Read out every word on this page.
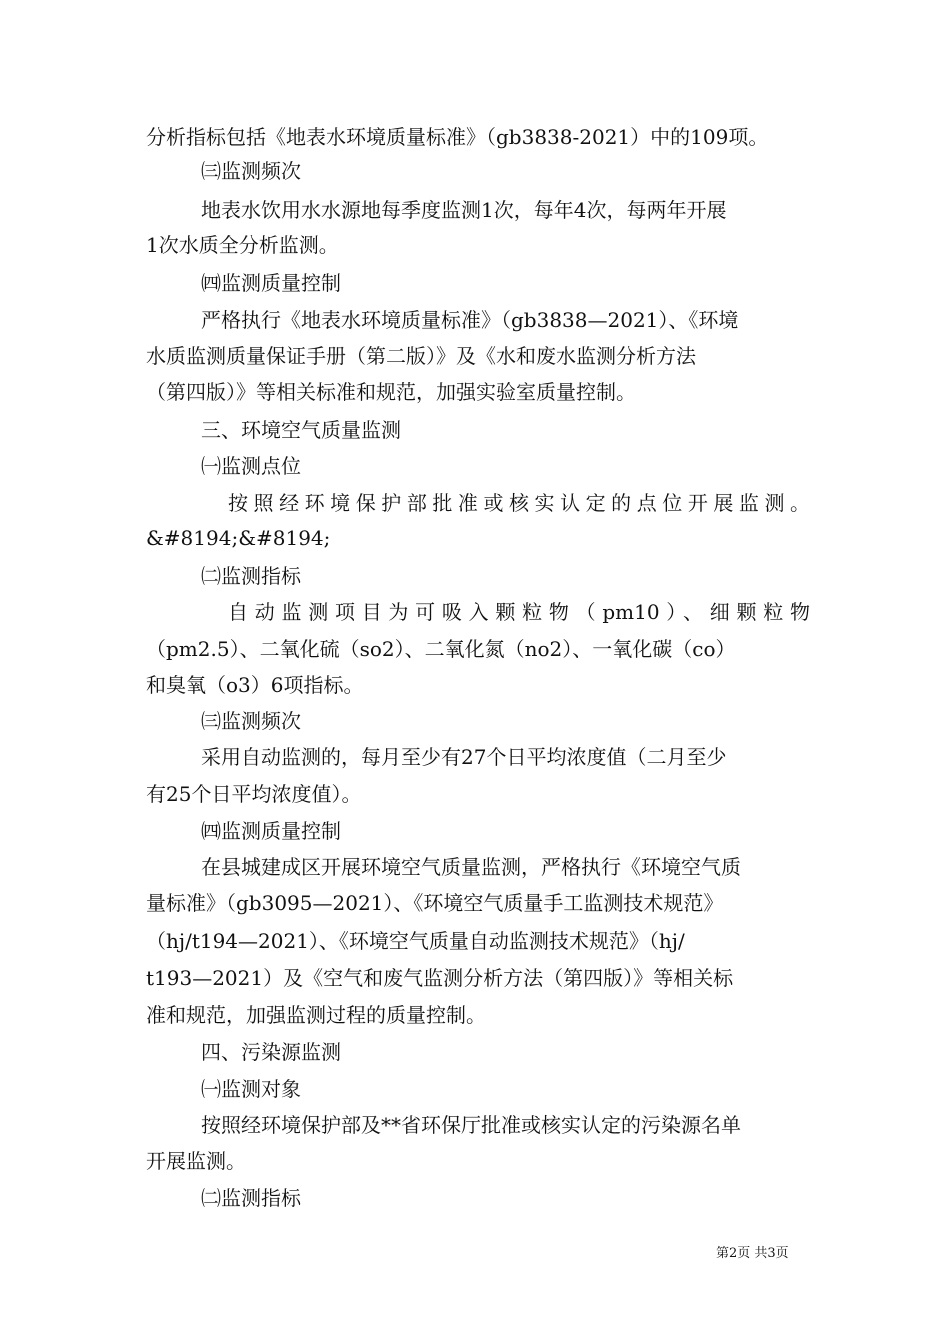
分析指标包括《地表水环境质量标准》（gb3838-2021）中的109项。
㈢监测频次
地表水饮用水水源地每季度监测1次，每年4次，每两年开展
1次水质全分析监测。
㈣监测质量控制
严格执行《地表水环境质量标准》（gb3838—2021）、《环境
水质监测质量保证手册（第二版）》及《水和废水监测分析方法
（第四版）》等相关标准和规范，加强实验室质量控制。
三、环境空气质量监测
㈠监测点位
按照经环境保护部批准或核实认定的点位开展监测。
&#8194;&#8194;
㈡监测指标
自动监测项目为可吸入颗粒物（pm10）、细颗粒物
（pm2.5）、二氧化硫（so2）、二氧化氮（no2）、一氧化碳（co）
和臭氧（o3）6项指标。
㈢监测频次
采用自动监测的，每月至少有27个日平均浓度值（二月至少
有25个日平均浓度值）。
㈣监测质量控制
在县城建成区开展环境空气质量监测，严格执行《环境空气质
量标准》（gb3095—2021）、《环境空气质量手工监测技术规范》
（hj/t194—2021）、《环境空气质量自动监测技术规范》（hj/
t193—2021）及《空气和废气监测分析方法（第四版）》等相关标
准和规范，加强监测过程的质量控制。
四、污染源监测
㈠监测对象
按照经环境保护部及**省环保厅批准或核实认定的污染源名单
开展监测。
㈡监测指标
第2页 共3页
